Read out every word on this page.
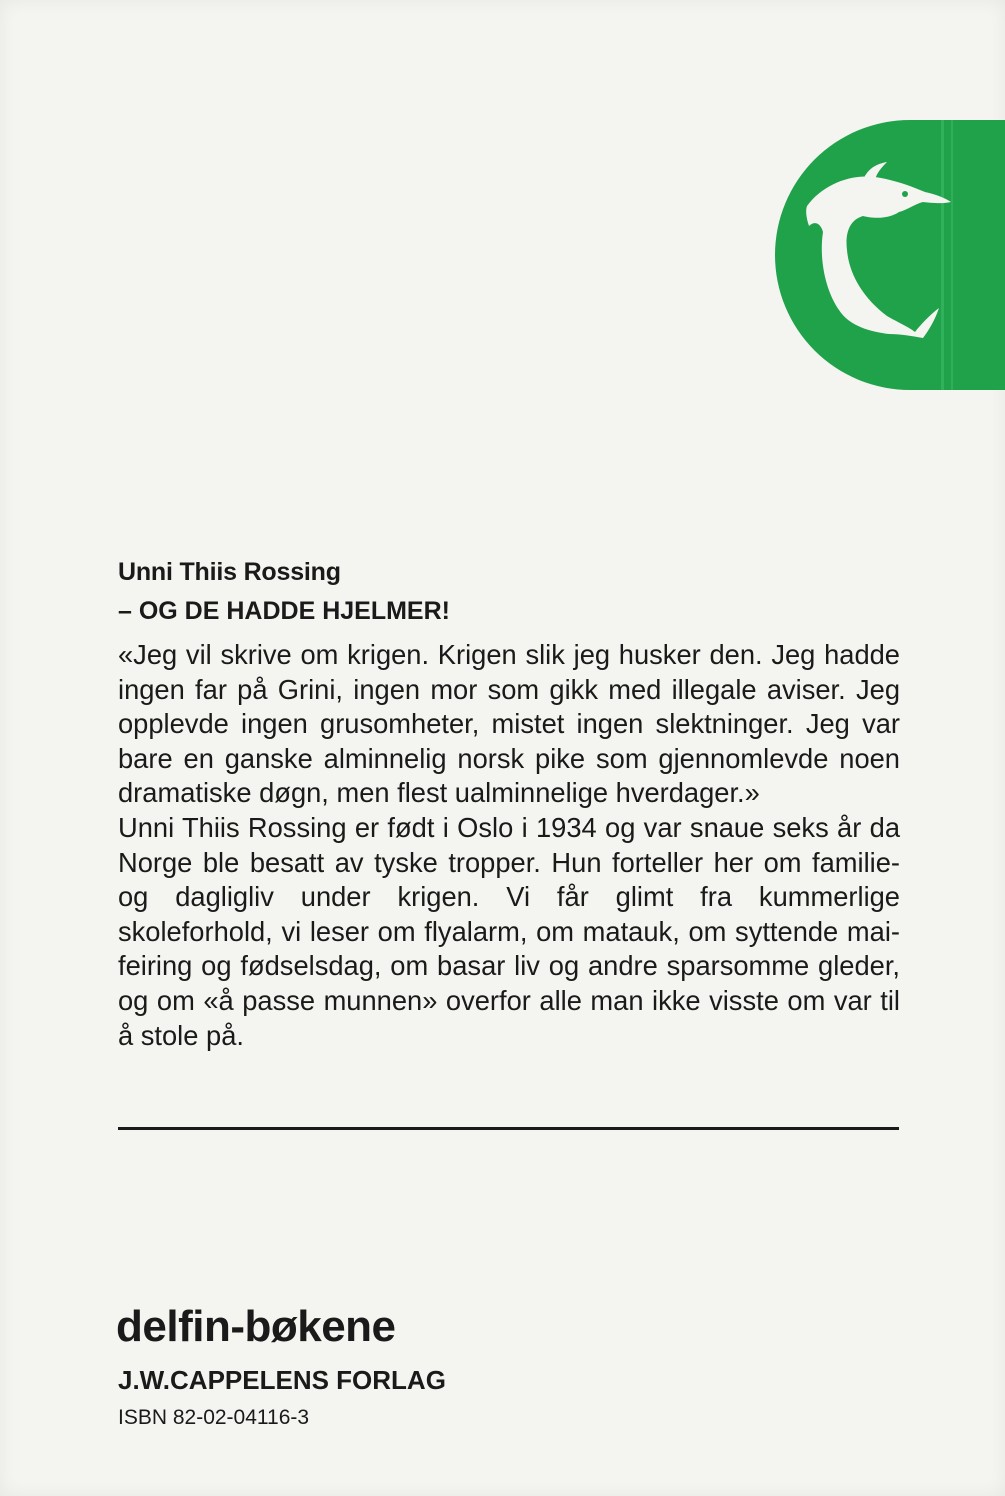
Unni Thiis Rossing
– OG DE HADDE HJELMER!

«Jeg vil skrive om krigen. Krigen slik jeg husker den. Jeg hadde ingen far på Grini, ingen mor som gikk med illegale aviser. Jeg opplevde ingen grusomheter, mistet ingen slektninger. Jeg var bare en ganske alminnelig norsk pike som gjennomlevde noen dramatiske døgn, men flest ualminnelige hverdager.»

Unni Thiis Rossing er født i Oslo i 1934 og var snaue seks år da Norge ble besatt av tyske tropper. Hun forteller her om familie- og dagligliv under krigen. Vi får glimt fra kummerlige skoleforhold, vi leser om flyalarm, om matauk, om syttende mai-feiring og fødselsdag, om basar liv og andre sparsomme gleder, og om «å passe munnen» overfor alle man ikke visste om var til å stole på.

delfin-bøkene
J.W.CAPPELENS FORLAG
ISBN 82-02-04116-3
